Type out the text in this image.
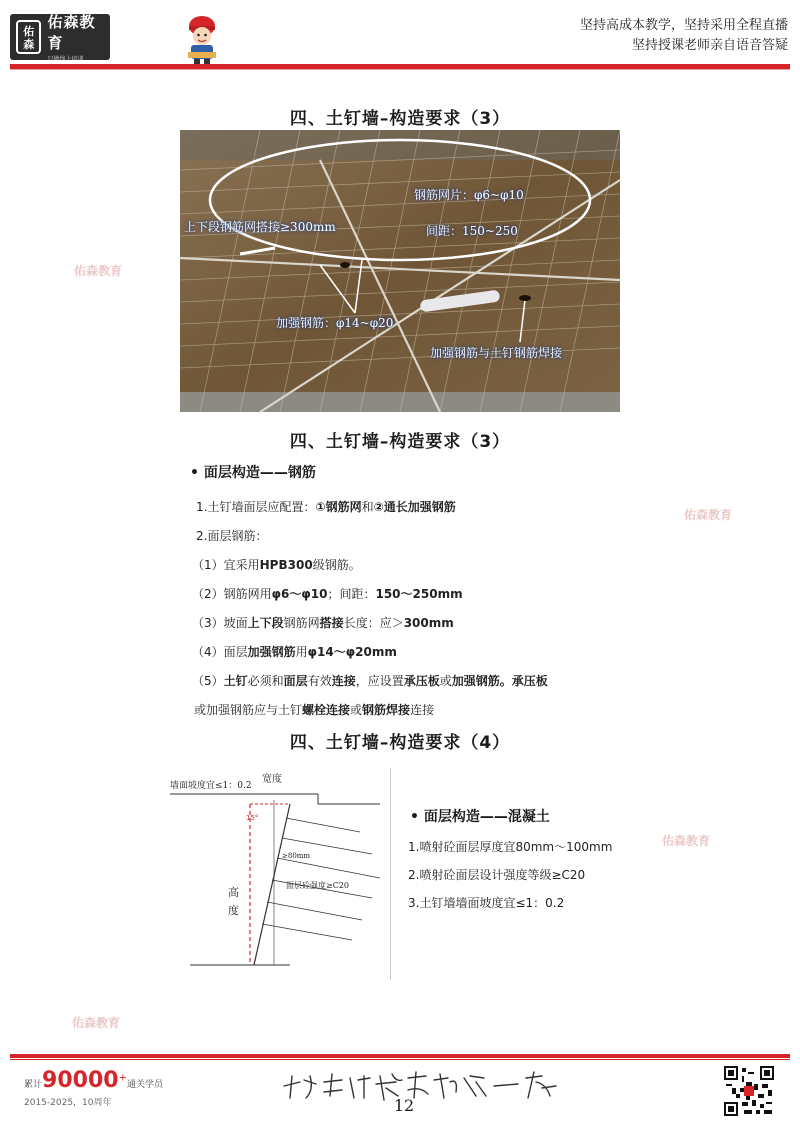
佑
森
佑森教育
只做线上培训
坚持高成本教学，坚持采用全程直播
坚持授课老师亲自语音答疑
佑森教育
佑森教育
佑森教育
佑森教育
四、土钉墙–构造要求（3）
钢筋网片：φ6~φ10
间距：150~250
上下段钢筋网搭接≥300mm
加强钢筋：φ14~φ20
加强钢筋与土钉钢筋焊接
四、土钉墙–构造要求（3）
• 面层构造——钢筋
1.土钉墙面层应配置：①钢筋网和②通长加强钢筋
2.面层钢筋：
（1）宜采用HPB300级钢筋。
（2）钢筋网用φ6～φ10；间距：150～250mm
（3）坡面上下段钢筋网搭接长度：应＞300mm
（4）面层加强钢筋用φ14～φ20mm
（5）土钉必须和面层有效连接，应设置承压板或加强钢筋。承压板
或加强钢筋应与土钉螺栓连接或钢筋焊接连接
四、土钉墙–构造要求（4）
15°
墙面坡度宜≤1：0.2
宽度
高
度
≥80mm
面层砼强度≥C20
• 面层构造——混凝土
1.喷射砼面层厚度宜80mm～100mm
2.喷射砼面层设计强度等级≥C20
3.土钉墙墙面坡度宜≤1：0.2
累计90000+通关学员
2015-2025，10周年	12
